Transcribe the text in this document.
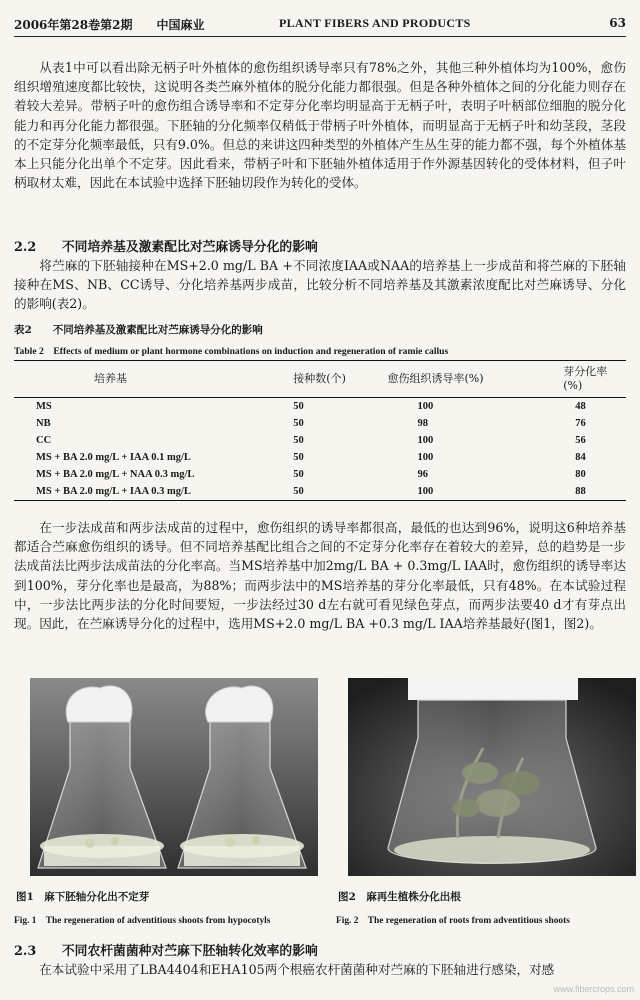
2006年第28卷第2期　　中国麻业	PLANT FIBERS AND PRODUCTS	63

从表1中可以看出除无柄子叶外植体的愈伤组织诱导率只有78%之外，其他三种外植体均为100%，愈伤组织增殖速度都比较快，这说明各类苎麻外植体的脱分化能力都很强。但是各种外植体之间的分化能力则存在着较大差异。带柄子叶的愈伤组合诱导率和不定芽分化率均明显高于无柄子叶，表明子叶柄部位细胞的脱分化能力和再分化能力都很强。下胚轴的分化频率仅稍低于带柄子叶外植体，而明显高于无柄子叶和幼茎段，茎段的不定芽分化频率最低，只有9.0%。但总的来讲这四种类型的外植体产生丛生芽的能力都不强，每个外植体基本上只能分化出单个不定芽。因此看来，带柄子叶和下胚轴外植体适用于作外源基因转化的受体材料，但子叶柄取材太难，因此在本试验中选择下胚轴切段作为转化的受体。

2.2　　不同培养基及激素配比对苎麻诱导分化的影响

将苎麻的下胚轴接种在MS+2.0 mg/L BA +不同浓度IAA或NAA的培养基上一步成苗和将苎麻的下胚轴接种在MS、NB、CC诱导、分化培养基两步成苗，比较分析不同培养基及其激素浓度配比对苎麻诱导、分化的影响(表2)。

表2　　不同培养基及激素配比对苎麻诱导分化的影响
Table 2　Effects of medium or plant hormone combinations on induction and regeneration of ramie callus
培养基	接种数(个)	愈伤组织诱导率(%)	芽分化率(%)
MS	50	100	48
NB	50	98	76
CC	50	100	56
MS + BA 2.0 mg/L + IAA 0.1 mg/L	50	100	84
MS + BA 2.0 mg/L + NAA 0.3 mg/L	50	96	80
MS + BA 2.0 mg/L + IAA 0.3 mg/L	50	100	88

在一步法成苗和两步法成苗的过程中，愈伤组织的诱导率都很高，最低的也达到96%，说明这6种培养基都适合苎麻愈伤组织的诱导。但不同培养基配比组合之间的不定芽分化率存在着较大的差异，总的趋势是一步法成苗法比两步法成苗法的分化率高。当MS培养基中加2mg/L BA + 0.3mg/L IAA时，愈伤组织的诱导率达到100%，芽分化率也是最高，为88%；而两步法中的MS培养基的芽分化率最低，只有48%。在本试验过程中，一步法比两步法的分化时间要短，一步法经过30 d左右就可看见绿色芽点，而两步法要40 d才有芽点出现。因此，在苎麻诱导分化的过程中，选用MS+2.0 mg/L BA +0.3 mg/L IAA培养基最好(图1，图2)。

图1　麻下胚轴分化出不定芽	图2　麻再生植株分化出根
Fig. 1　The regeneration of adventitious shoots from hypocotyls	Fig. 2　The regeneration of roots from adventitious shoots

2.3　　不同农杆菌菌种对苎麻下胚轴转化效率的影响

在本试验中采用了LBA4404和EHA105两个根癌农杆菌菌种对苎麻的下胚轴进行感染，对感

www.fibercrops.com
